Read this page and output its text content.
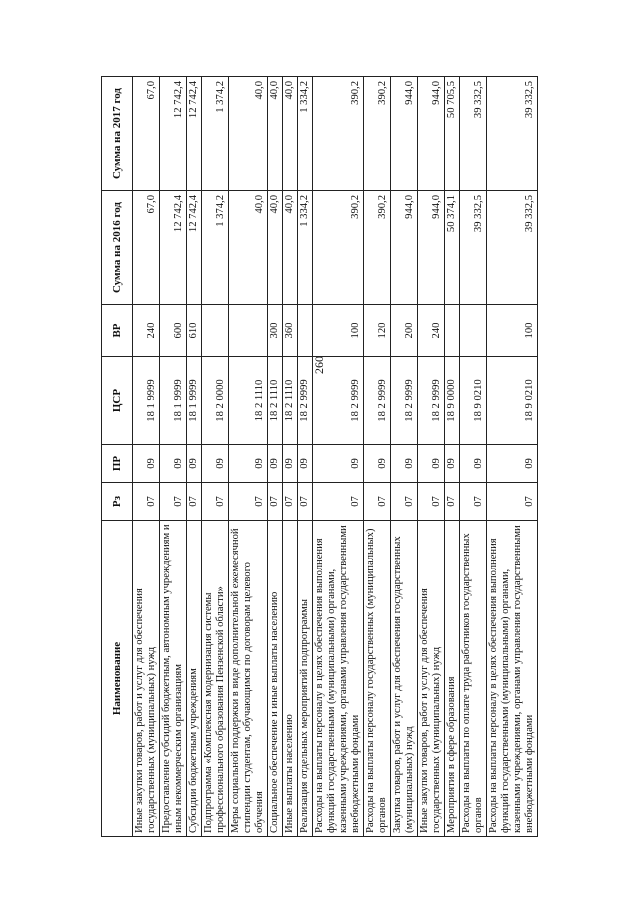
260
Наименование	Рз	ПР	ЦСР	ВР	Сумма на 2016 год	Сумма на 2017 год
Иные закупки товаров, работ и услуг для обеспечения государственных (муниципальных) нужд	07	09	18 1 9999	240	67,0	67,0
Предоставление субсидий бюджетным, автономным учреждениям и иным некоммерческим организациям	07	09	18 1 9999	600	12 742,4	12 742,4
Субсидии бюджетным учреждениям	07	09	18 1 9999	610	12 742,4	12 742,4
Подпрограмма «Комплексная модернизация системы профессионального образования Пензенской области»	07	09	18 2 0000		1 374,2	1 374,2
Меры социальной поддержки в виде дополнительной ежемесячной стипендии студентам, обучающимся по договорам целевого обучения	07	09	18 2 1110		40,0	40,0
Социальное обеспечение и иные выплаты населению	07	09	18 2 1110	300	40,0	40,0
Иные выплаты населению	07	09	18 2 1110	360	40,0	40,0
Реализация отдельных мероприятий подпрограммы	07	09	18 2 9999		1 334,2	1 334,2
Расходы на выплаты персоналу в целях обеспечения выполнения функций государственными (муниципальными) органами, казенными учреждениями, органами управления государственными внебюджетными фондами	07	09	18 2 9999	100	390,2	390,2
Расходы на выплаты персоналу государственных (муниципальных) органов	07	09	18 2 9999	120	390,2	390,2
Закупка товаров, работ и услуг для обеспечения государственных (муниципальных) нужд	07	09	18 2 9999	200	944,0	944,0
Иные закупки товаров, работ и услуг для обеспечения государственных (муниципальных) нужд	07	09	18 2 9999	240	944,0	944,0
Мероприятия в сфере образования	07	09	18 9 0000		50 374,1	50 705,5
Расходы на выплаты по оплате труда работников государственных органов	07	09	18 9 0210		39 332,5	39 332,5
Расходы на выплаты персоналу в целях обеспечения выполнения функций государственными (муниципальными) органами, казенными учреждениями, органами управления государственными внебюджетными фондами	07	09	18 9 0210	100	39 332,5	39 332,5
